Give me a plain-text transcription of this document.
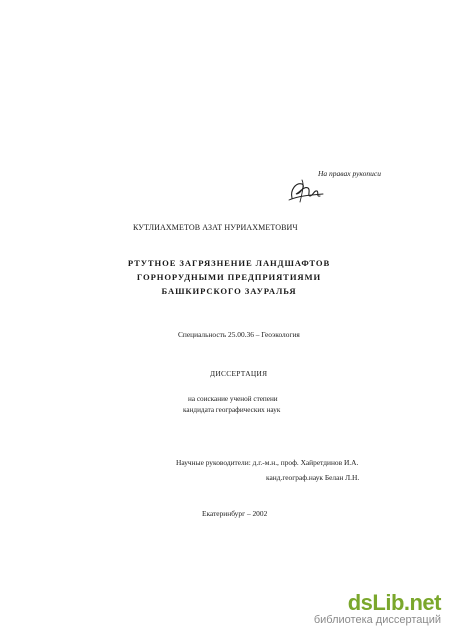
На правах рукописи
КУТЛИАХМЕТОВ АЗАТ НУРИАХМЕТОВИЧ
РТУТНОЕ ЗАГРЯЗНЕНИЕ ЛАНДШАФТОВ
ГОРНОРУДНЫМИ ПРЕДПРИЯТИЯМИ
БАШКИРСКОГО ЗАУРАЛЬЯ
Специальность 25.00.36 – Геоэкология
ДИССЕРТАЦИЯ
на соискание ученой степени
кандидата географических наук
Научные руководители: д.г.-м.н., проф. Хайретдинов И.А.
канд.географ.наук Белан Л.Н.
Екатеринбург – 2002
dsLib.net
библиотека диссертаций
